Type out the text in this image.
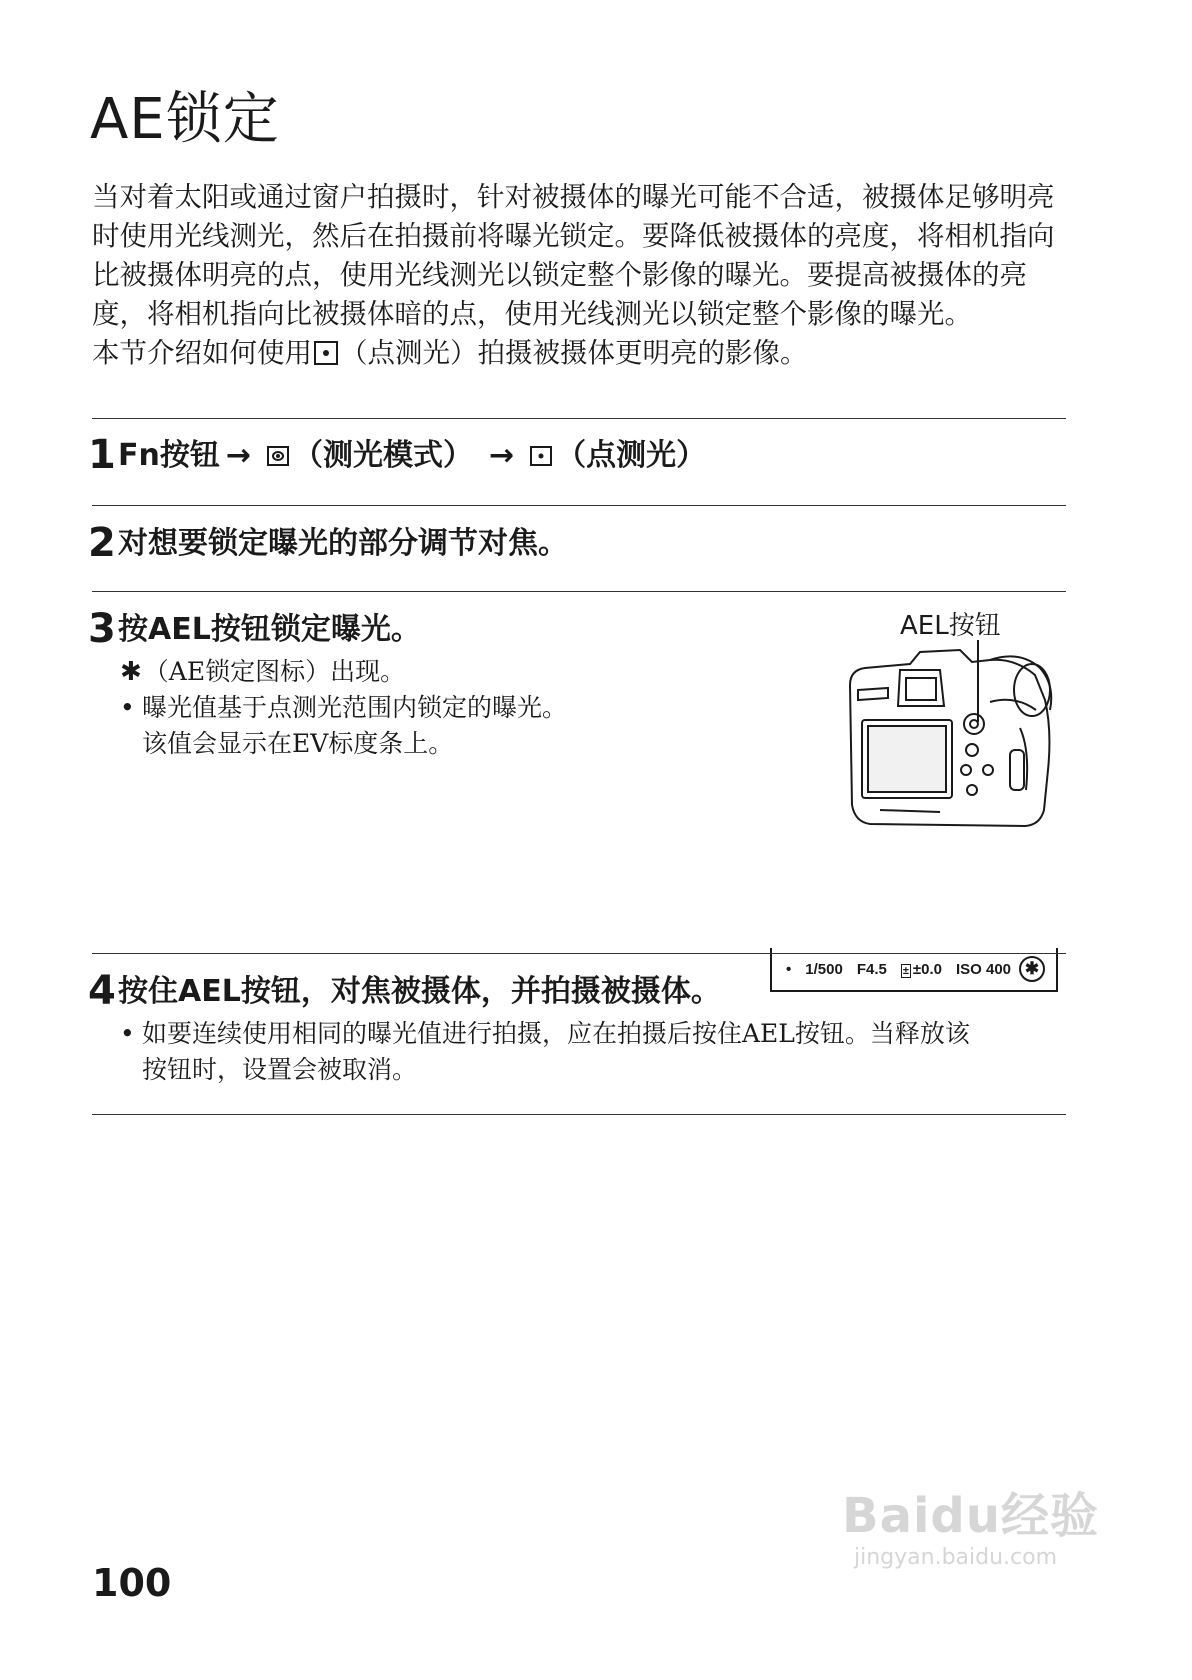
AE锁定

当对着太阳或通过窗户拍摄时，针对被摄体的曝光可能不合适，被摄体足够明亮时使用光线测光，然后在拍摄前将曝光锁定。要降低被摄体的亮度，将相机指向比被摄体明亮的点，使用光线测光以锁定整个影像的曝光。要提高被摄体的亮度，将相机指向比被摄体暗的点，使用光线测光以锁定整个影像的曝光。

本节介绍如何使用 （点测光）拍摄被摄体更明亮的影像。

1 Fn按钮 → （测光模式） → （点测光）
2 对想要锁定曝光的部分调节对焦。
3 按AEL按钮锁定曝光。
✱（AE锁定图标）出现。
• 曝光值基于点测光范围内锁定的曝光。该值会显示在EV标度条上。
AEL按钮
• 1/500 F4.5 ± ±0.0 ISO 400 ✱
4 按住AEL按钮，对焦被摄体，并拍摄被摄体。
• 如要连续使用相同的曝光值进行拍摄，应在拍摄后按住AEL按钮。当释放该按钮时，设置会被取消。
100
Baidu经验
jingyan.baidu.com
